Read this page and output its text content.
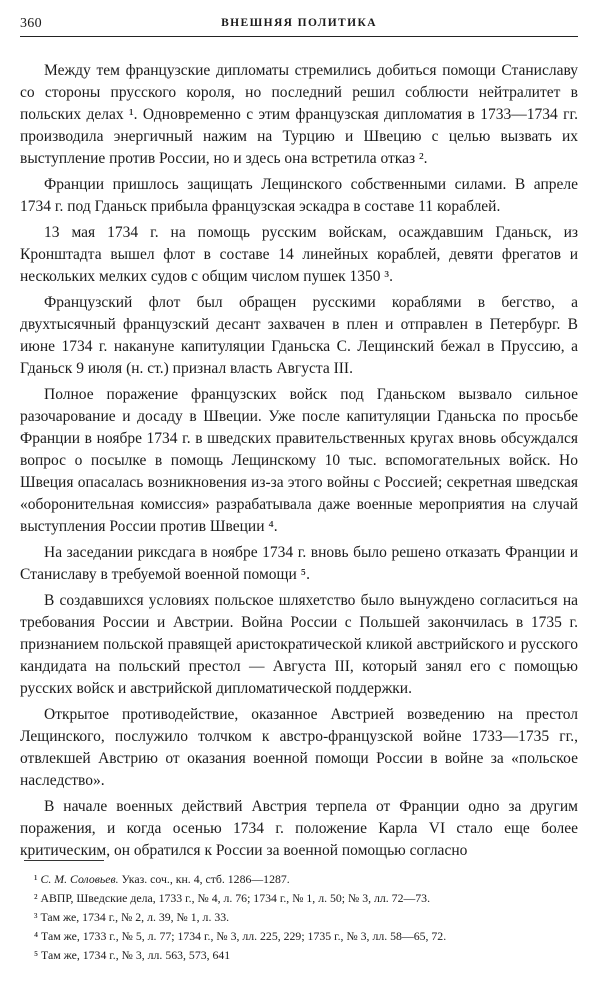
360	ВНЕШНЯЯ ПОЛИТИКА

Между тем французские дипломаты стремились добиться помощи Станиславу со стороны прусского короля, но последний решил соблюсти нейтралитет в польских делах ¹. Одновременно с этим французская дипломатия в 1733—1734 гг. производила энергичный нажим на Турцию и Швецию с целью вызвать их выступление против России, но и здесь она встретила отказ ².

Франции пришлось защищать Лещинского собственными силами. В апреле 1734 г. под Гданьск прибыла французская эскадра в составе 11 кораблей.

13 мая 1734 г. на помощь русским войскам, осаждавшим Гданьск, из Кронштадта вышел флот в составе 14 линейных кораблей, девяти фрегатов и нескольких мелких судов с общим числом пушек 1350 ³.

Французский флот был обращен русскими кораблями в бегство, а двухтысячный французский десант захвачен в плен и отправлен в Петербург. В июне 1734 г. накануне капитуляции Гданьска С. Лещинский бежал в Пруссию, а Гданьск 9 июля (н. ст.) признал власть Августа III.

Полное поражение французских войск под Гданьском вызвало сильное разочарование и досаду в Швеции. Уже после капитуляции Гданьска по просьбе Франции в ноябре 1734 г. в шведских правительственных кругах вновь обсуждался вопрос о посылке в помощь Лещинскому 10 тыс. вспомогательных войск. Но Швеция опасалась возникновения из-за этого войны с Россией; секретная шведская «оборонительная комиссия» разрабатывала даже военные мероприятия на случай выступления России против Швеции ⁴.

На заседании риксдага в ноябре 1734 г. вновь было решено отказать Франции и Станиславу в требуемой военной помощи ⁵.

В создавшихся условиях польское шляхетство было вынуждено согласиться на требования России и Австрии. Война России с Польшей закончилась в 1735 г. признанием польской правящей аристократической кликой австрийского и русского кандидата на польский престол — Августа III, который занял его с помощью русских войск и австрийской дипломатической поддержки.

Открытое противодействие, оказанное Австрией возведению на престол Лещинского, послужило толчком к австро-французской войне 1733—1735 гг., отвлекшей Австрию от оказания военной помощи России в войне за «польское наследство».

В начале военных действий Австрия терпела от Франции одно за другим поражения, и когда осенью 1734 г. положение Карла VI стало еще более критическим, он обратился к России за военной помощью согласно

¹ С. М. Соловьев. Указ. соч., кн. 4, стб. 1286—1287.
² АВПР, Шведские дела, 1733 г., № 4, л. 76; 1734 г., № 1, л. 50; № 3, лл. 72—73.
³ Там же, 1734 г., № 2, л. 39, № 1, л. 33.
⁴ Там же, 1733 г., № 5, л. 77; 1734 г., № 3, лл. 225, 229; 1735 г., № 3, лл. 58—65, 72.
⁵ Там же, 1734 г., № 3, лл. 563, 573, 641
